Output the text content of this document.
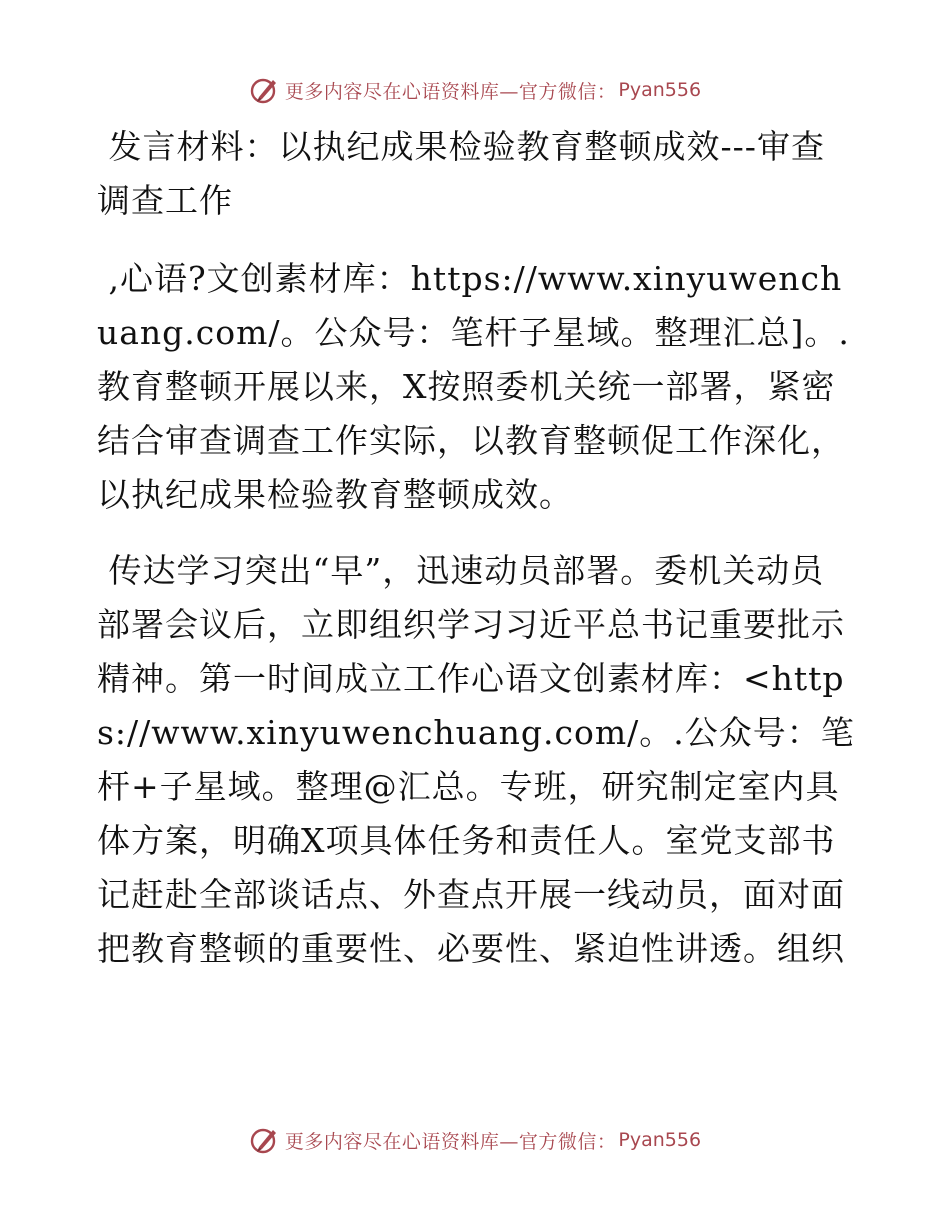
更多内容尽在心语资料库—官方微信： Pyan556

发言材料：以执纪成果检验教育整顿成效---审查调查工作

,心语?文创素材库：https://www.xinyuwenchuang.com/。公众号：笔杆子星域。整理汇总]。.教育整顿开展以来，X按照委机关统一部署，紧密结合审查调查工作实际，以教育整顿促工作深化，以执纪成果检验教育整顿成效。

传达学习突出“早”，迅速动员部署。委机关动员部署会议后，立即组织学习习近平总书记重要批示精神。第一时间成立工作心语文创素材库：<https://www.xinyuwenchuang.com/。.公众号：笔杆+子星域。整理@汇总。专班，研究制定室内具体方案，明确X项具体任务和责任人。室党支部书记赶赴全部谈话点、外查点开展一线动员，面对面把教育整顿的重要性、必要性、紧迫性讲透。组织

更多内容尽在心语资料库—官方微信： Pyan556
